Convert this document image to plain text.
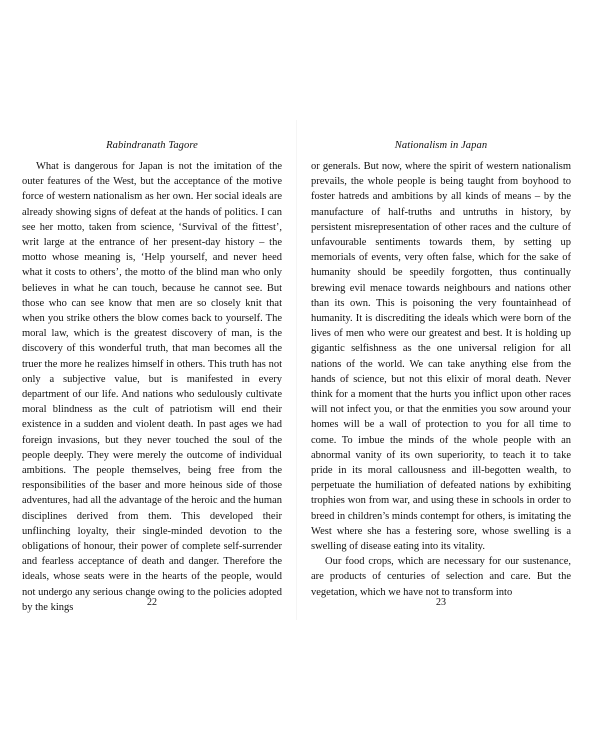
Rabindranath Tagore

What is dangerous for Japan is not the imitation of the outer features of the West, but the acceptance of the motive force of western nationalism as her own. Her social ideals are already showing signs of defeat at the hands of politics. I can see her motto, taken from science, ‘Survival of the fittest’, writ large at the entrance of her present-day history – the motto whose meaning is, ‘Help yourself, and never heed what it costs to others’, the motto of the blind man who only believes in what he can touch, because he cannot see. But those who can see know that men are so closely knit that when you strike others the blow comes back to yourself. The moral law, which is the greatest discovery of man, is the discovery of this wonderful truth, that man becomes all the truer the more he realizes himself in others. This truth has not only a subjective value, but is manifested in every department of our life. And nations who sedulously cultivate moral blindness as the cult of patriotism will end their existence in a sudden and violent death. In past ages we had foreign invasions, but they never touched the soul of the people deeply. They were merely the outcome of individual ambitions. The people themselves, being free from the responsibilities of the baser and more heinous side of those adventures, had all the advantage of the heroic and the human disciplines derived from them. This developed their unflinching loyalty, their single-minded devotion to the obligations of honour, their power of complete self-surrender and fearless acceptance of death and danger. Therefore the ideals, whose seats were in the hearts of the people, would not undergo any serious change owing to the policies adopted by the kings	22
Nationalism in Japan

or generals. But now, where the spirit of western nationalism prevails, the whole people is being taught from boyhood to foster hatreds and ambitions by all kinds of means – by the manufacture of half-truths and untruths in history, by persistent misrepresentation of other races and the culture of unfavourable sentiments towards them, by setting up memorials of events, very often false, which for the sake of humanity should be speedily forgotten, thus continually brewing evil menace towards neighbours and nations other than its own. This is poisoning the very fountainhead of humanity. It is discrediting the ideals which were born of the lives of men who were our greatest and best. It is holding up gigantic selfishness as the one universal religion for all nations of the world. We can take anything else from the hands of science, but not this elixir of moral death. Never think for a moment that the hurts you inflict upon other races will not infect you, or that the enmities you sow around your homes will be a wall of protection to you for all time to come. To imbue the minds of the whole people with an abnormal vanity of its own superiority, to teach it to take pride in its moral callousness and ill-begotten wealth, to perpetuate the humiliation of defeated nations by exhibiting trophies won from war, and using these in schools in order to breed in children’s minds contempt for others, is imitating the West where she has a festering sore, whose swelling is a swelling of disease eating into its vitality.

Our food crops, which are necessary for our sustenance, are products of centuries of selection and care. But the vegetation, which we have not to transform into

23
